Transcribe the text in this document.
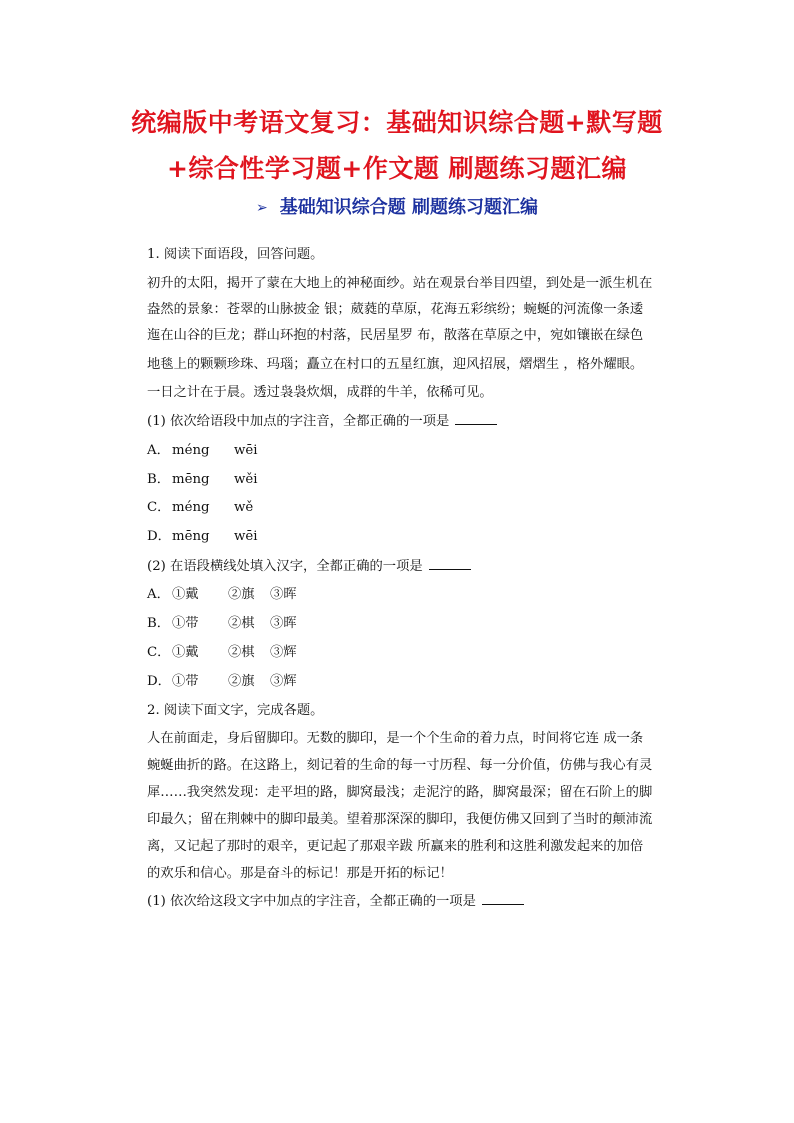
统编版中考语文复习：基础知识综合题+默写题
+综合性学习题+作文题 刷题练习题汇编
➢ 基础知识综合题 刷题练习题汇编
1. 阅读下面语段，回答问题。
初升的太阳，揭开了蒙在大地上的神秘面纱。站在观景台举目四望，到处是一派生机在
盎然的景象：苍翠的山脉披金 银；葳蕤的草原，花海五彩缤纷；蜿蜒的河流像一条逶
迤在山谷的巨龙；群山环抱的村落，民居星罗 布，散落在草原之中，宛如镶嵌在绿色
地毯上的颗颗珍珠、玛瑙；矗立在村口的五星红旗，迎风招展，熠熠生 ，格外耀眼。
一日之计在于晨。透过袅袅炊烟，成群的牛羊，依稀可见。
(1) 依次给语段中加点的字注音，全都正确的一项是
A． méng wēi
B． mēng wěi
C． méng wě
D．mēng wēi
(2) 在语段横线处填入汉字，全都正确的一项是
A． ①戴 ②旗 ③晖
B． ①带 ②棋 ③晖
C． ①戴 ②棋 ③辉
D．①带 ②旗 ③辉
2. 阅读下面文字，完成各题。
人在前面走，身后留脚印。无数的脚印，是一个个生命的着力点，时间将它连 成一条
蜿蜒曲折的路。在这路上，刻记着的生命的每一寸历程、每一分价值，仿佛与我心有灵
犀……我突然发现：走平坦的路，脚窝最浅；走泥泞的路，脚窝最深；留在石阶上的脚
印最久；留在荆棘中的脚印最美。望着那深深的脚印，我便仿佛又回到了当时的颠沛流
离，又记起了那时的艰辛，更记起了那艰辛跋 所赢来的胜利和这胜利激发起来的加倍
的欢乐和信心。那是奋斗的标记！那是开拓的标记！
(1) 依次给这段文字中加点的字注音，全都正确的一项是
